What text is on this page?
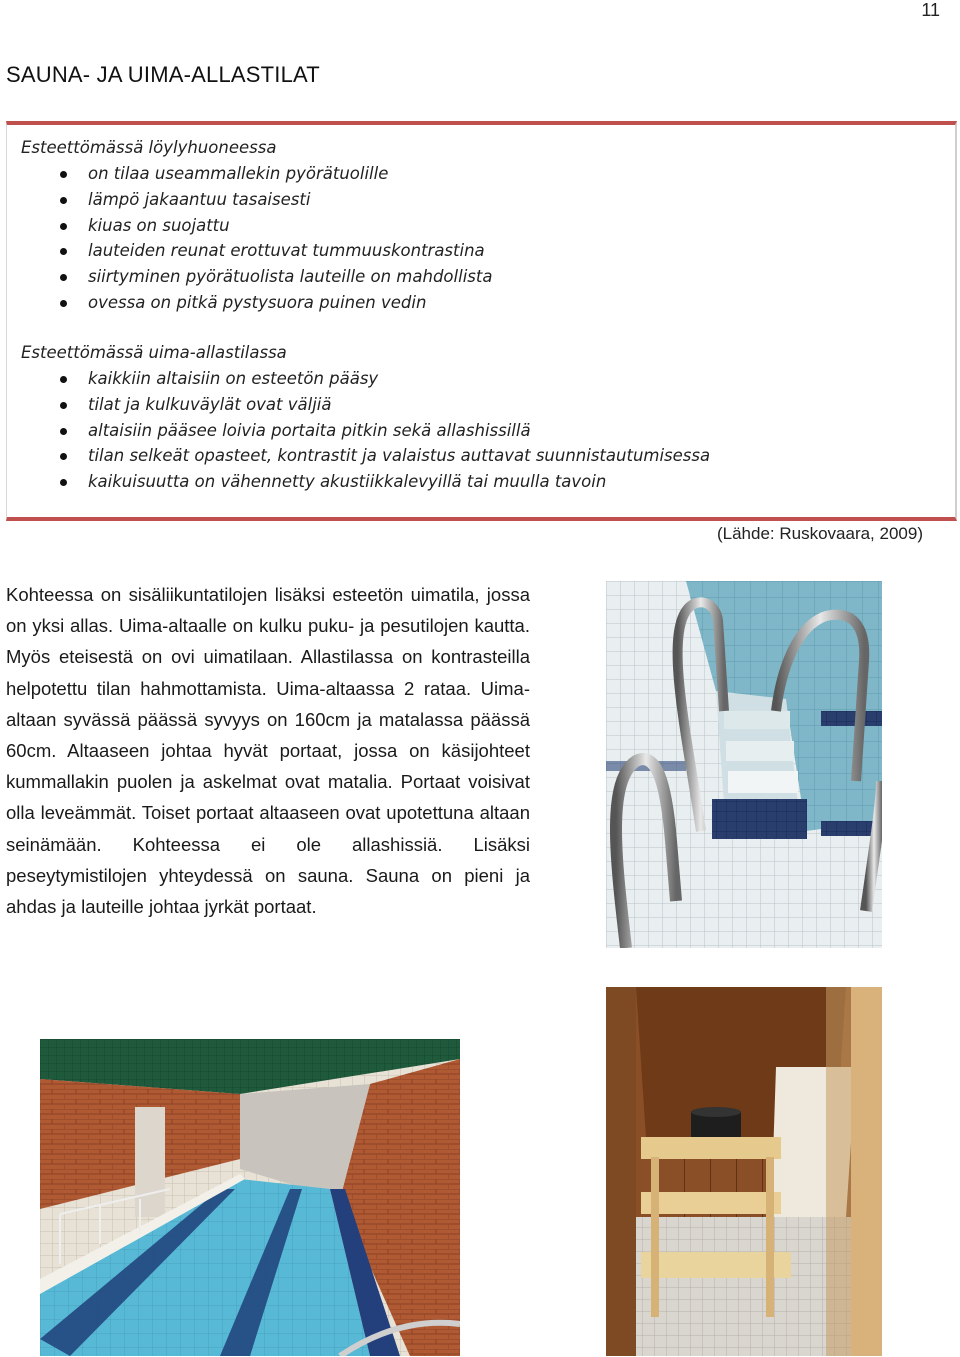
11
SAUNA- JA UIMA-ALLASTILAT
Esteettömässä löylyhuoneessa
on tilaa useammallekin pyörätuolille
lämpö jakaantuu tasaisesti
kiuas on suojattu
lauteiden reunat erottuvat tummuuskontrastina
siirtyminen pyörätuolista lauteille on mahdollista
ovessa on pitkä pystysuora puinen vedin
Esteettömässä uima-allastilassa
kaikkiin altaisiin on esteetön pääsy
tilat ja kulkuväylät ovat väljiä
altaisiin pääsee loivia portaita pitkin sekä allashissillä
tilan selkeät opasteet, kontrastit ja valaistus auttavat suunnistautumisessa
kaikuisuutta on vähennetty akustiikkalevyillä tai muulla tavoin
(Lähde: Ruskovaara, 2009)
Kohteessa on sisäliikuntatilojen lisäksi esteetön uimatila, jossa on yksi allas. Uima-altaalle on kulku puku- ja pesutilojen kautta. Myös eteisestä on ovi uimatilaan. Allastilassa on kontrasteilla helpotettu tilan hahmottamista. Uima-altaassa 2 rataa. Uima-altaan syvässä päässä syvyys on 160cm ja matalassa päässä 60cm. Altaaseen johtaa hyvät portaat, jossa on käsijohteet kummallakin puolen ja askelmat ovat matalia. Portaat voisivat olla leveämmät. Toiset portaat altaaseen ovat upotettuna altaan seinämään. Kohteessa ei ole allashissiä. Lisäksi peseytymistilojen yhteydessä on sauna. Sauna on pieni ja ahdas ja lauteille johtaa jyrkät portaat.
